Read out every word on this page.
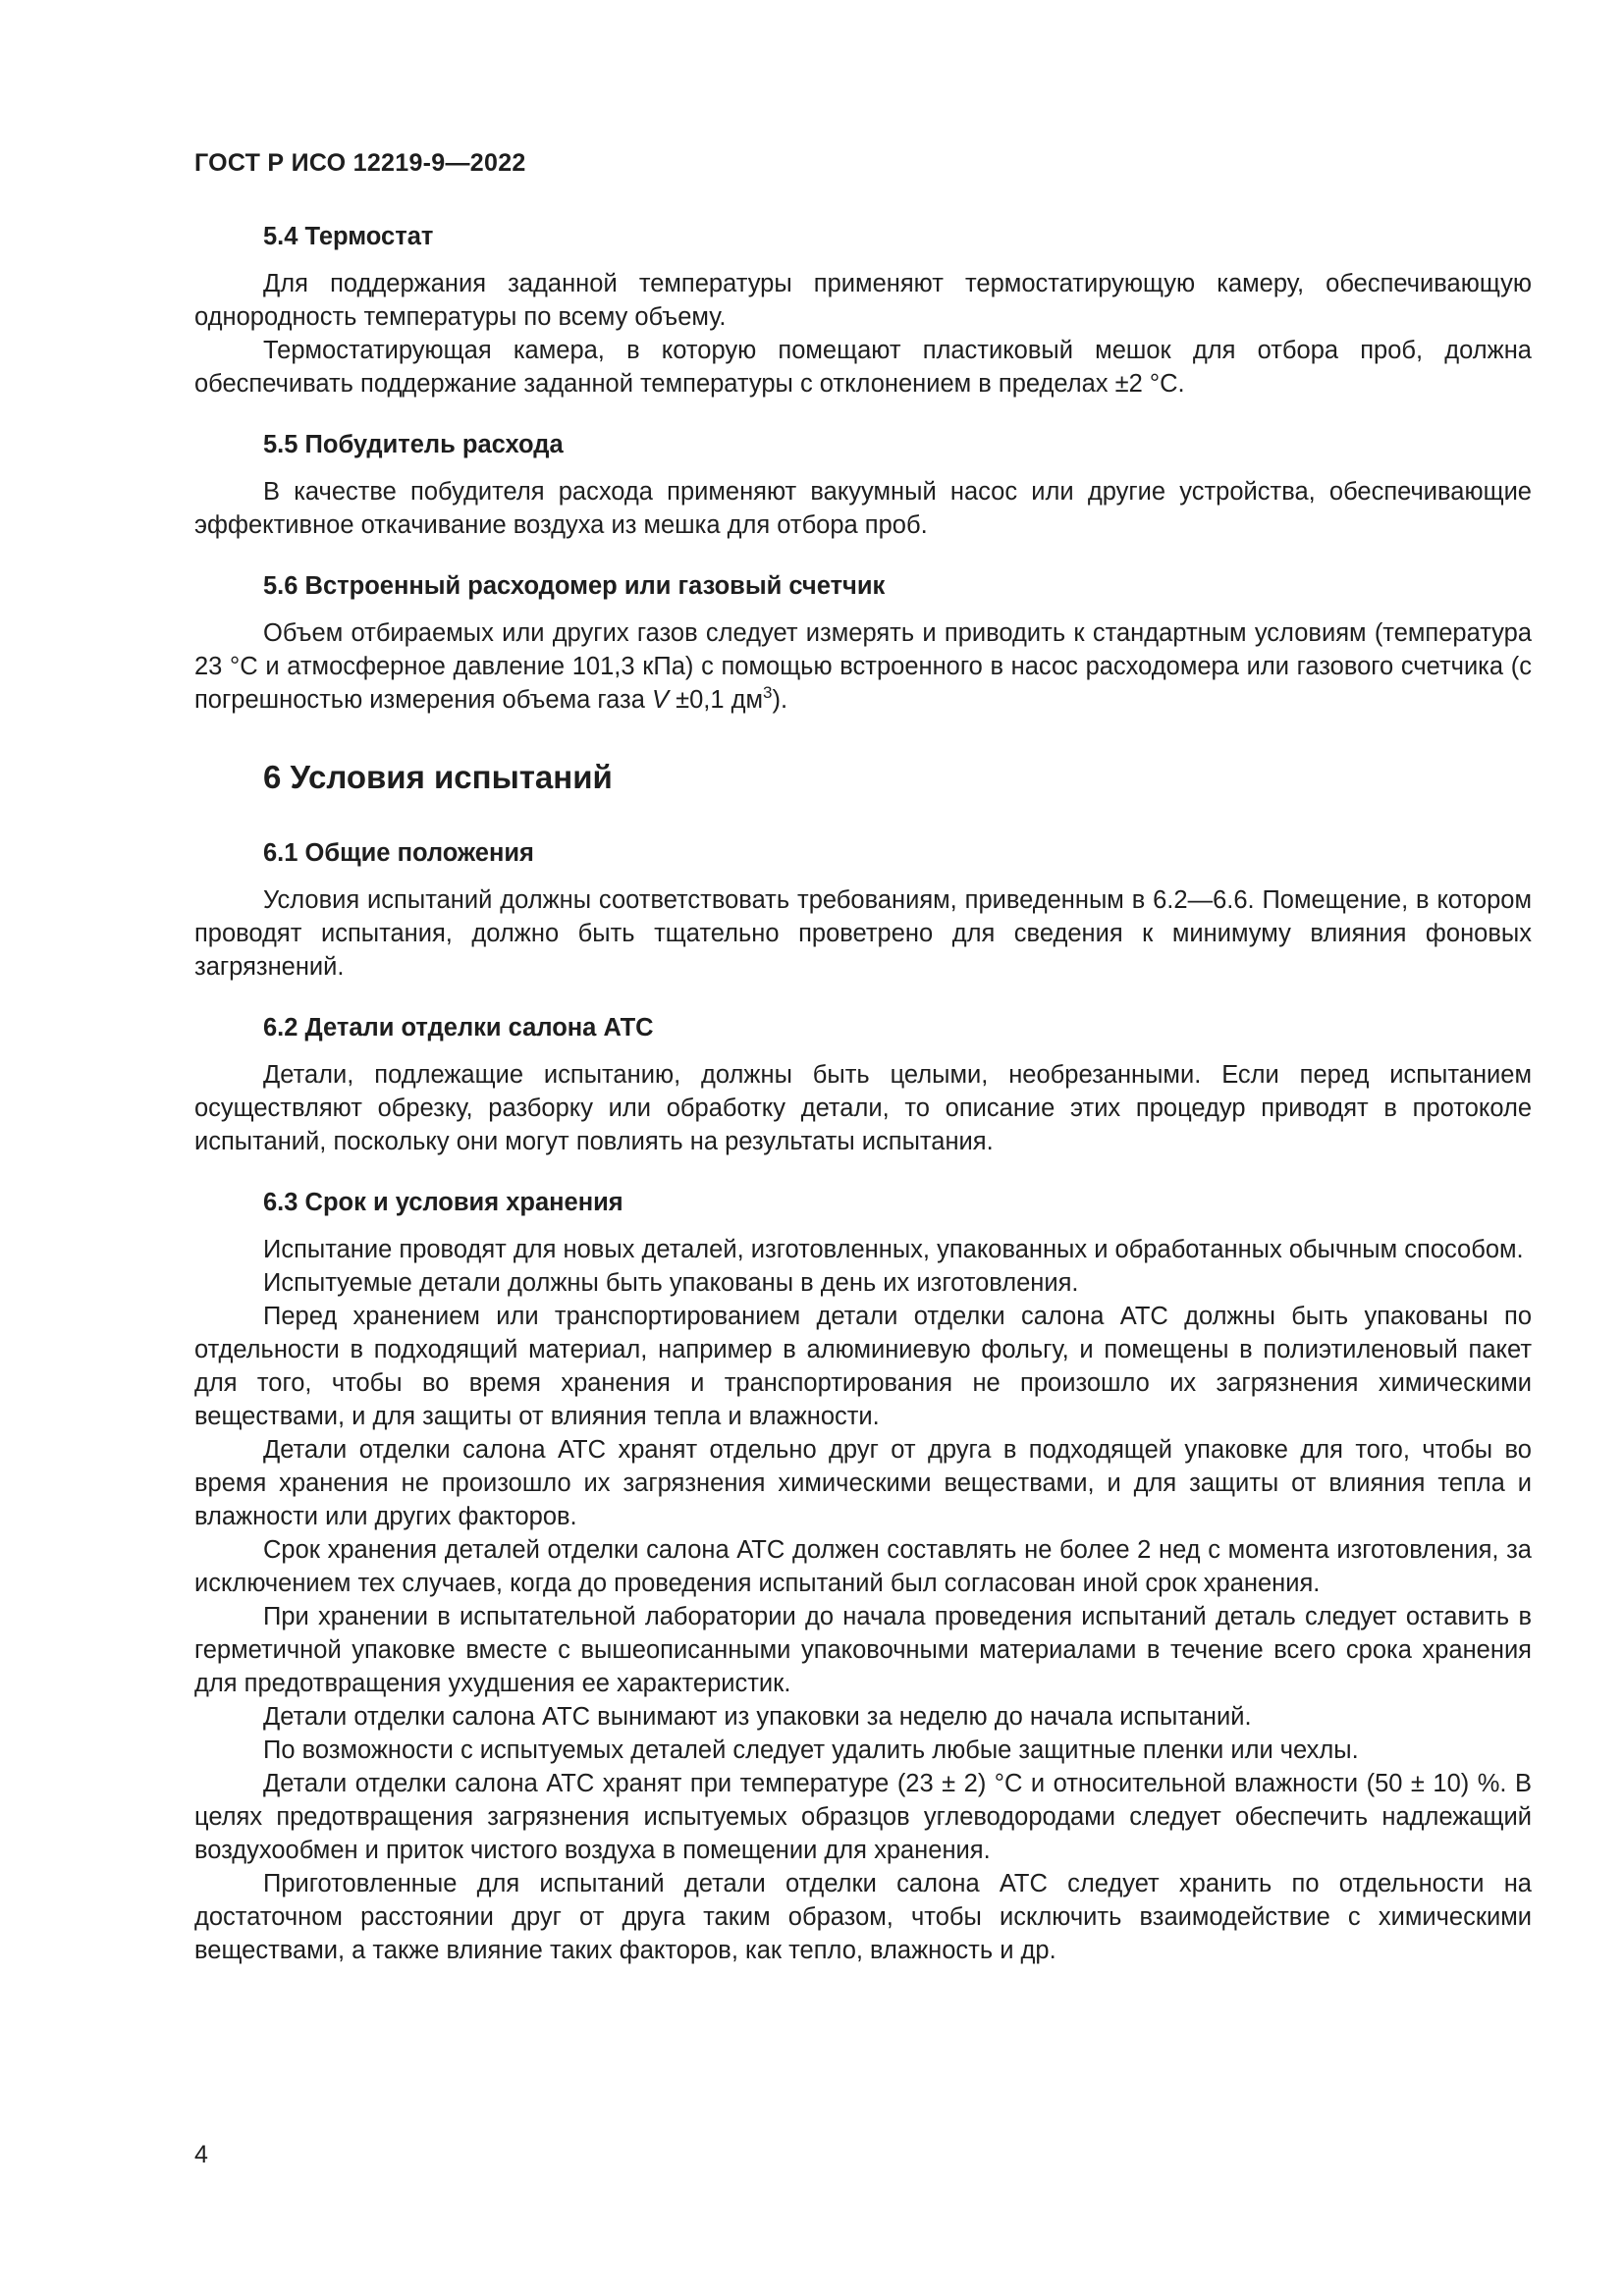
ГОСТ Р ИСО 12219-9—2022

5.4 Термостат

Для поддержания заданной температуры применяют термостатирующую камеру, обеспечивающую однородность температуры по всему объему.

Термостатирующая камера, в которую помещают пластиковый мешок для отбора проб, должна обеспечивать поддержание заданной температуры с отклонением в пределах ±2 °С.

5.5 Побудитель расхода

В качестве побудителя расхода применяют вакуумный насос или другие устройства, обеспечивающие эффективное откачивание воздуха из мешка для отбора проб.

5.6 Встроенный расходомер или газовый счетчик

Объем отбираемых или других газов следует измерять и приводить к стандартным условиям (температура 23 °С и атмосферное давление 101,3 кПа) с помощью встроенного в насос расходомера или газового счетчика (с погрешностью измерения объема газа V ±0,1 $дм^3$).

6 Условия испытаний
6.1 Общие положения

Условия испытаний должны соответствовать требованиям, приведенным в 6.2—6.6. Помещение, в котором проводят испытания, должно быть тщательно проветрено для сведения к минимуму влияния фоновых загрязнений.

6.2 Детали отделки салона АТС

Детали, подлежащие испытанию, должны быть целыми, необрезанными. Если перед испытанием осуществляют обрезку, разборку или обработку детали, то описание этих процедур приводят в протоколе испытаний, поскольку они могут повлиять на результаты испытания.

6.3 Срок и условия хранения

Испытание проводят для новых деталей, изготовленных, упакованных и обработанных обычным способом.

Испытуемые детали должны быть упакованы в день их изготовления.

Перед хранением или транспортированием детали отделки салона АТС должны быть упакованы по отдельности в подходящий материал, например в алюминиевую фольгу, и помещены в полиэтиленовый пакет для того, чтобы во время хранения и транспортирования не произошло их загрязнения химическими веществами, и для защиты от влияния тепла и влажности.

Детали отделки салона АТС хранят отдельно друг от друга в подходящей упаковке для того, чтобы во время хранения не произошло их загрязнения химическими веществами, и для защиты от влияния тепла и влажности или других факторов.

Срок хранения деталей отделки салона АТС должен составлять не более 2 нед с момента изготовления, за исключением тех случаев, когда до проведения испытаний был согласован иной срок хранения.

При хранении в испытательной лаборатории до начала проведения испытаний деталь следует оставить в герметичной упаковке вместе с вышеописанными упаковочными материалами в течение всего срока хранения для предотвращения ухудшения ее характеристик.

Детали отделки салона АТС вынимают из упаковки за неделю до начала испытаний.

По возможности с испытуемых деталей следует удалить любые защитные пленки или чехлы.

Детали отделки салона АТС хранят при температуре (23 ± 2) °С и относительной влажности (50 ± 10) %. В целях предотвращения загрязнения испытуемых образцов углеводородами следует обеспечить надлежащий воздухообмен и приток чистого воздуха в помещении для хранения.

Приготовленные для испытаний детали отделки салона АТС следует хранить по отдельности на достаточном расстоянии друг от друга таким образом, чтобы исключить взаимодействие с химическими веществами, а также влияние таких факторов, как тепло, влажность и др.

4
